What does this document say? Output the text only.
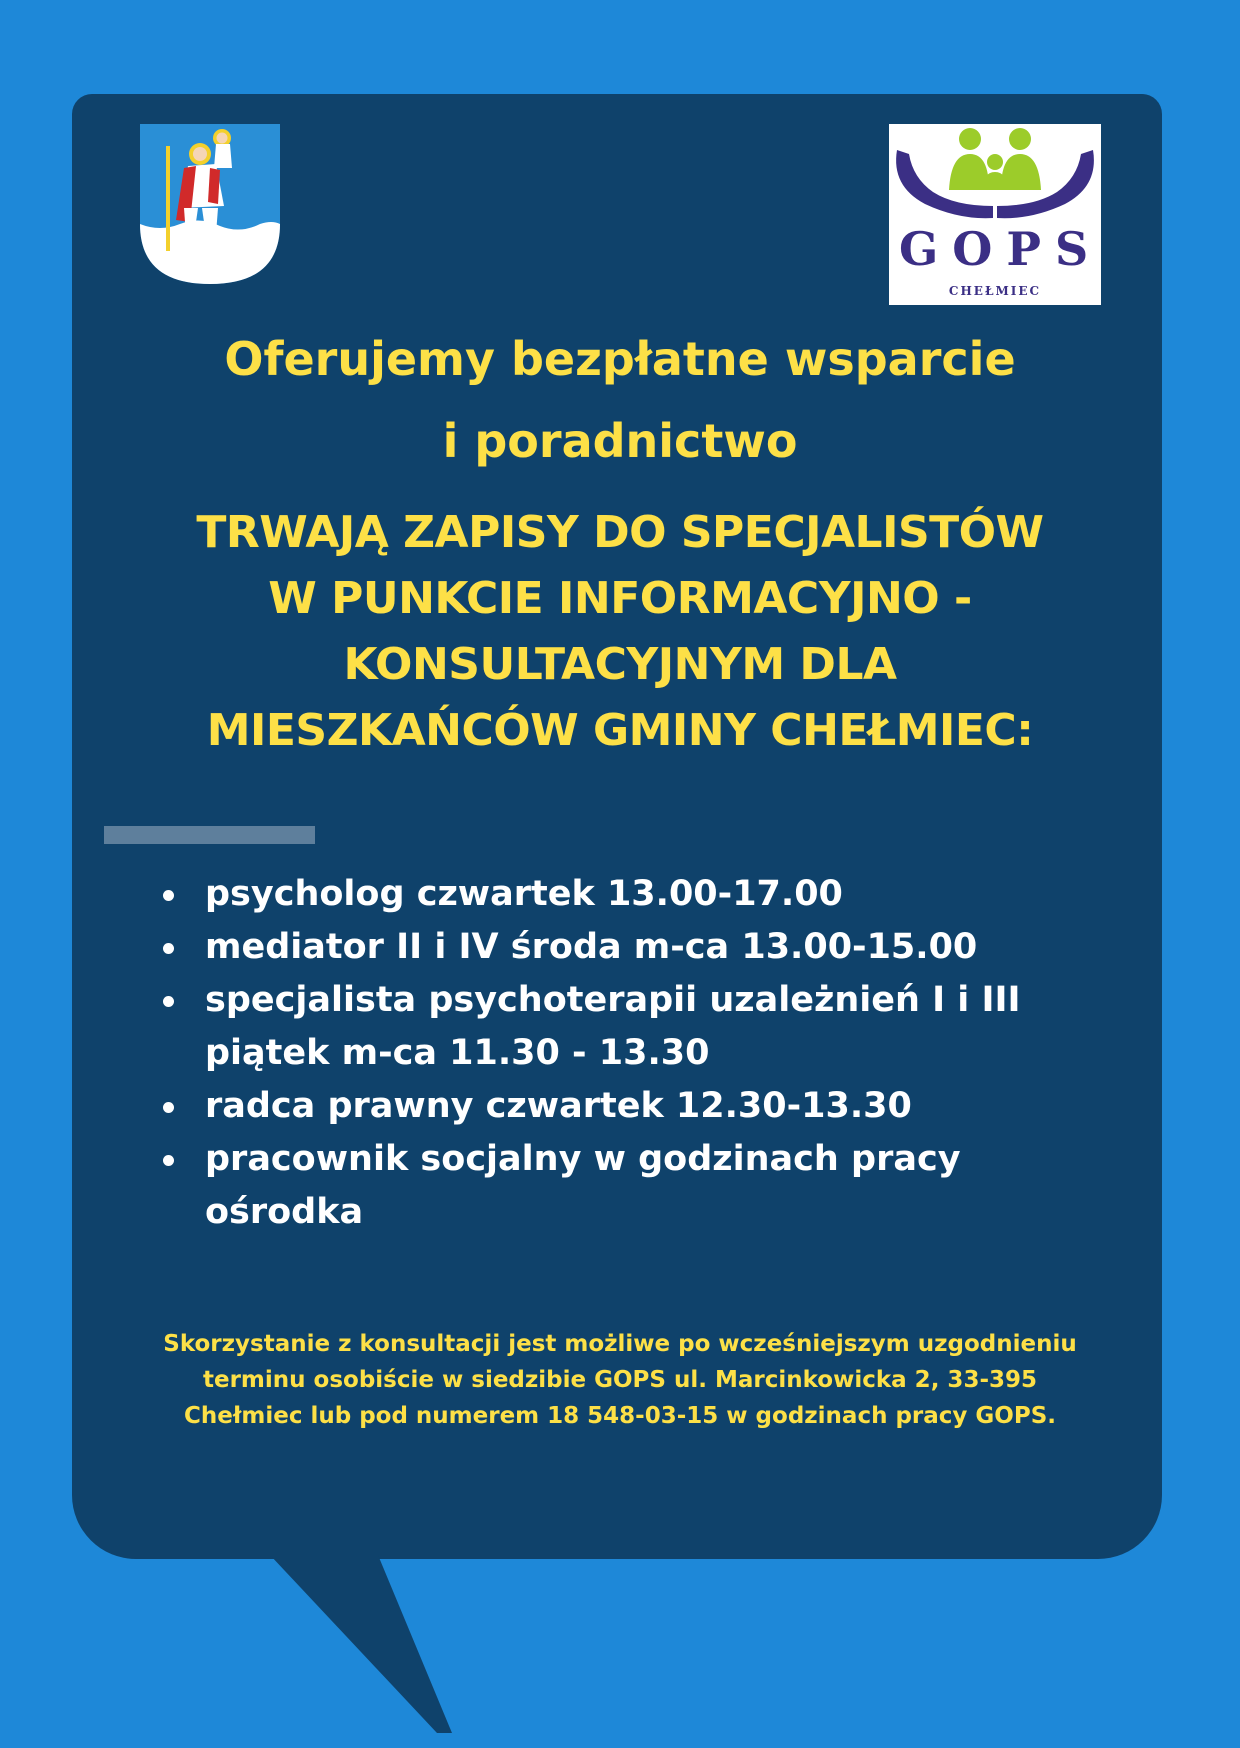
GOPS
CHEŁMIEC
Oferujemy bezpłatne wsparcie
i poradnictwo
TRWAJĄ ZAPISY DO SPECJALISTÓW
W PUNKCIE INFORMACYJNO -
KONSULTACYJNYM DLA
MIESZKAŃCÓW GMINY CHEŁMIEC:
psycholog czwartek 13.00-17.00
mediator II i IV środa m-ca 13.00-15.00
specjalista psychoterapii uzależnień I i III
piątek m-ca 11.30 - 13.30
radca prawny czwartek 12.30-13.30
pracownik socjalny w godzinach pracy
ośrodka
Skorzystanie z konsultacji jest możliwe po wcześniejszym uzgodnieniu
terminu osobiście w siedzibie GOPS ul. Marcinkowicka 2, 33-395
Chełmiec lub pod numerem 18 548-03-15 w godzinach pracy GOPS.
